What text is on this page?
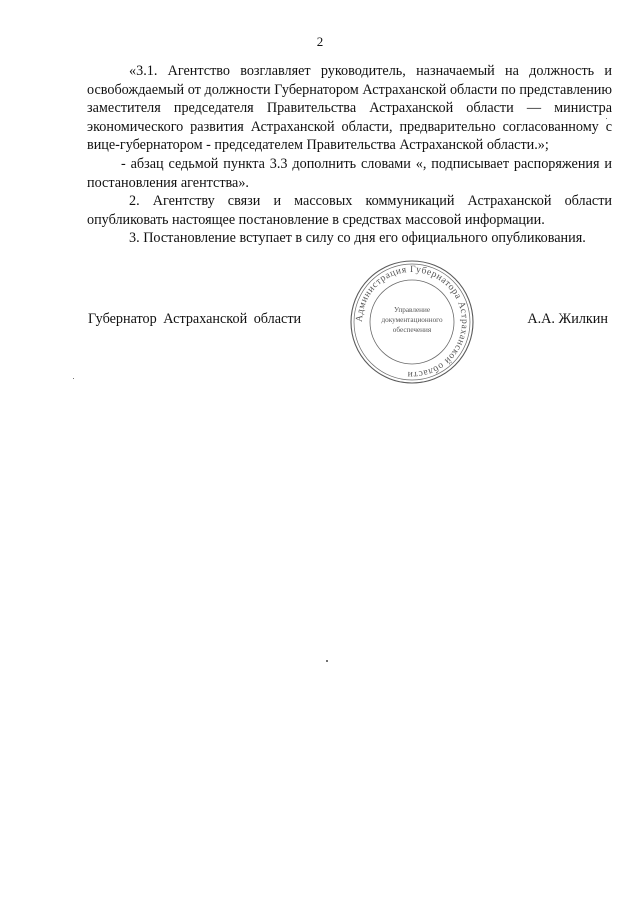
2

«3.1. Агентство возглавляет руководитель, назначаемый на должность и освобождаемый от должности Губернатором Астраханской области по представлению заместителя председателя Правительства Астраханской области — министра экономического развития Астраханской области, предварительно согласованному с вице-губернатором - председателем Правительства Астраханской области.»;

- абзац седьмой пункта 3.3 дополнить словами «, подписывает распоряжения и постановления агентства».

2. Агентству связи и массовых коммуникаций Астраханской области опубликовать настоящее постановление в средствах массовой информации.

3. Постановление вступает в силу со дня его официального опубликования.

Губернатор Астраханской области	А.А. Жилкин
Администрация Губернатора Астраханской области
Управление
документационного
обеспечения
